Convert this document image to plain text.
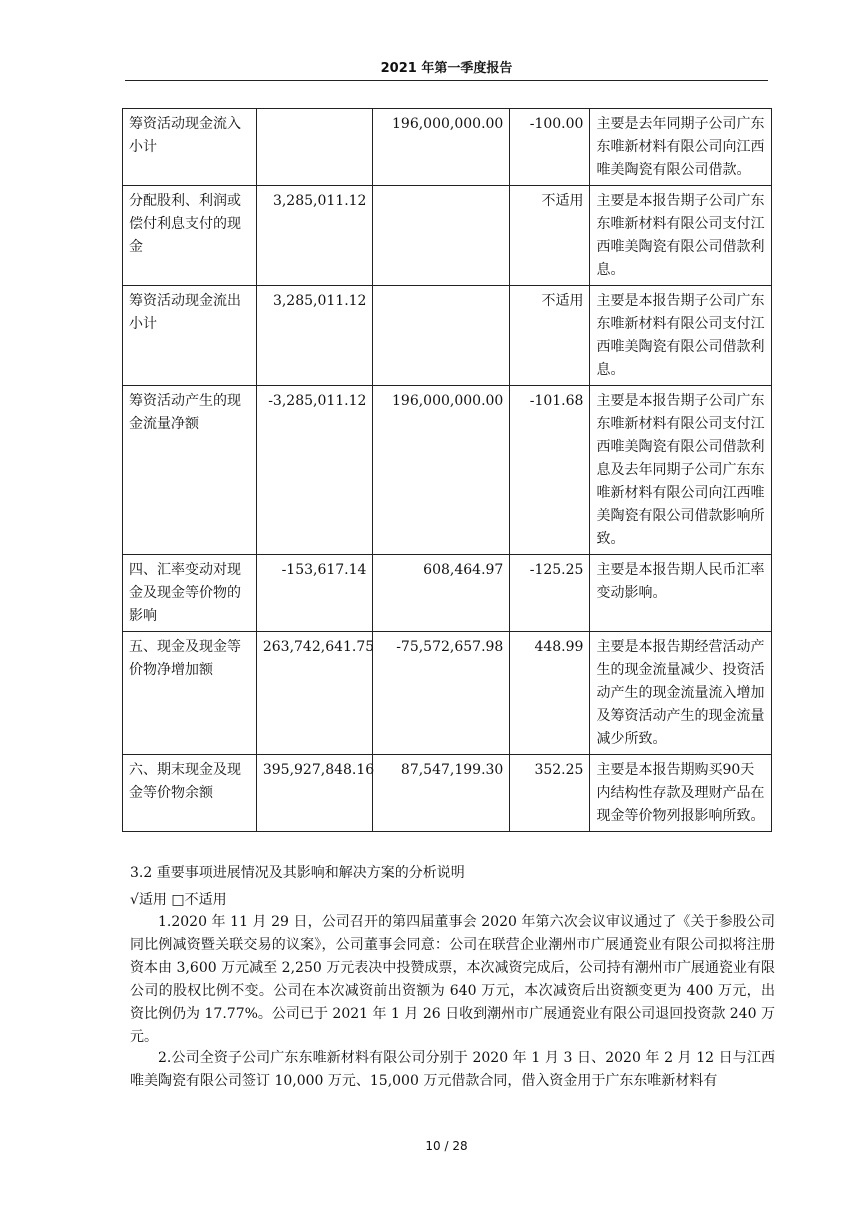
2021 年第一季度报告
筹资活动现金流入小计		196,000,000.00	-100.00	主要是去年同期子公司广东东唯新材料有限公司向江西唯美陶瓷有限公司借款。
分配股利、利润或偿付利息支付的现金	3,285,011.12		不适用	主要是本报告期子公司广东东唯新材料有限公司支付江西唯美陶瓷有限公司借款利息。
筹资活动现金流出小计	3,285,011.12		不适用	主要是本报告期子公司广东东唯新材料有限公司支付江西唯美陶瓷有限公司借款利息。
筹资活动产生的现金流量净额	-3,285,011.12	196,000,000.00	-101.68	主要是本报告期子公司广东东唯新材料有限公司支付江西唯美陶瓷有限公司借款利息及去年同期子公司广东东唯新材料有限公司向江西唯美陶瓷有限公司借款影响所致。
四、汇率变动对现金及现金等价物的影响	-153,617.14	608,464.97	-125.25	主要是本报告期人民币汇率变动影响。
五、现金及现金等价物净增加额	263,742,641.75	-75,572,657.98	448.99	主要是本报告期经营活动产生的现金流量减少、投资活动产生的现金流量流入增加及筹资活动产生的现金流量减少所致。
六、期末现金及现金等价物余额	395,927,848.16	87,547,199.30	352.25	主要是本报告期购买90天内结构性存款及理财产品在现金等价物列报影响所致。
3.2 重要事项进展情况及其影响和解决方案的分析说明
√适用 □不适用
1.2020 年 11 月 29 日，公司召开的第四届董事会 2020 年第六次会议审议通过了《关于参股公司同比例减资暨关联交易的议案》，公司董事会同意：公司在联营企业潮州市广展通瓷业有限公司拟将注册资本由 3,600 万元减至 2,250 万元表决中投赞成票，本次减资完成后，公司持有潮州市广展通瓷业有限公司的股权比例不变。公司在本次减资前出资额为 640 万元，本次减资后出资额变更为 400 万元，出资比例仍为 17.77%。公司已于 2021 年 1 月 26 日收到潮州市广展通瓷业有限公司退回投资款 240 万元。
2.公司全资子公司广东东唯新材料有限公司分别于 2020 年 1 月 3 日、2020 年 2 月 12 日与江西唯美陶瓷有限公司签订 10,000 万元、15,000 万元借款合同，借入资金用于广东东唯新材料有
10 / 28
